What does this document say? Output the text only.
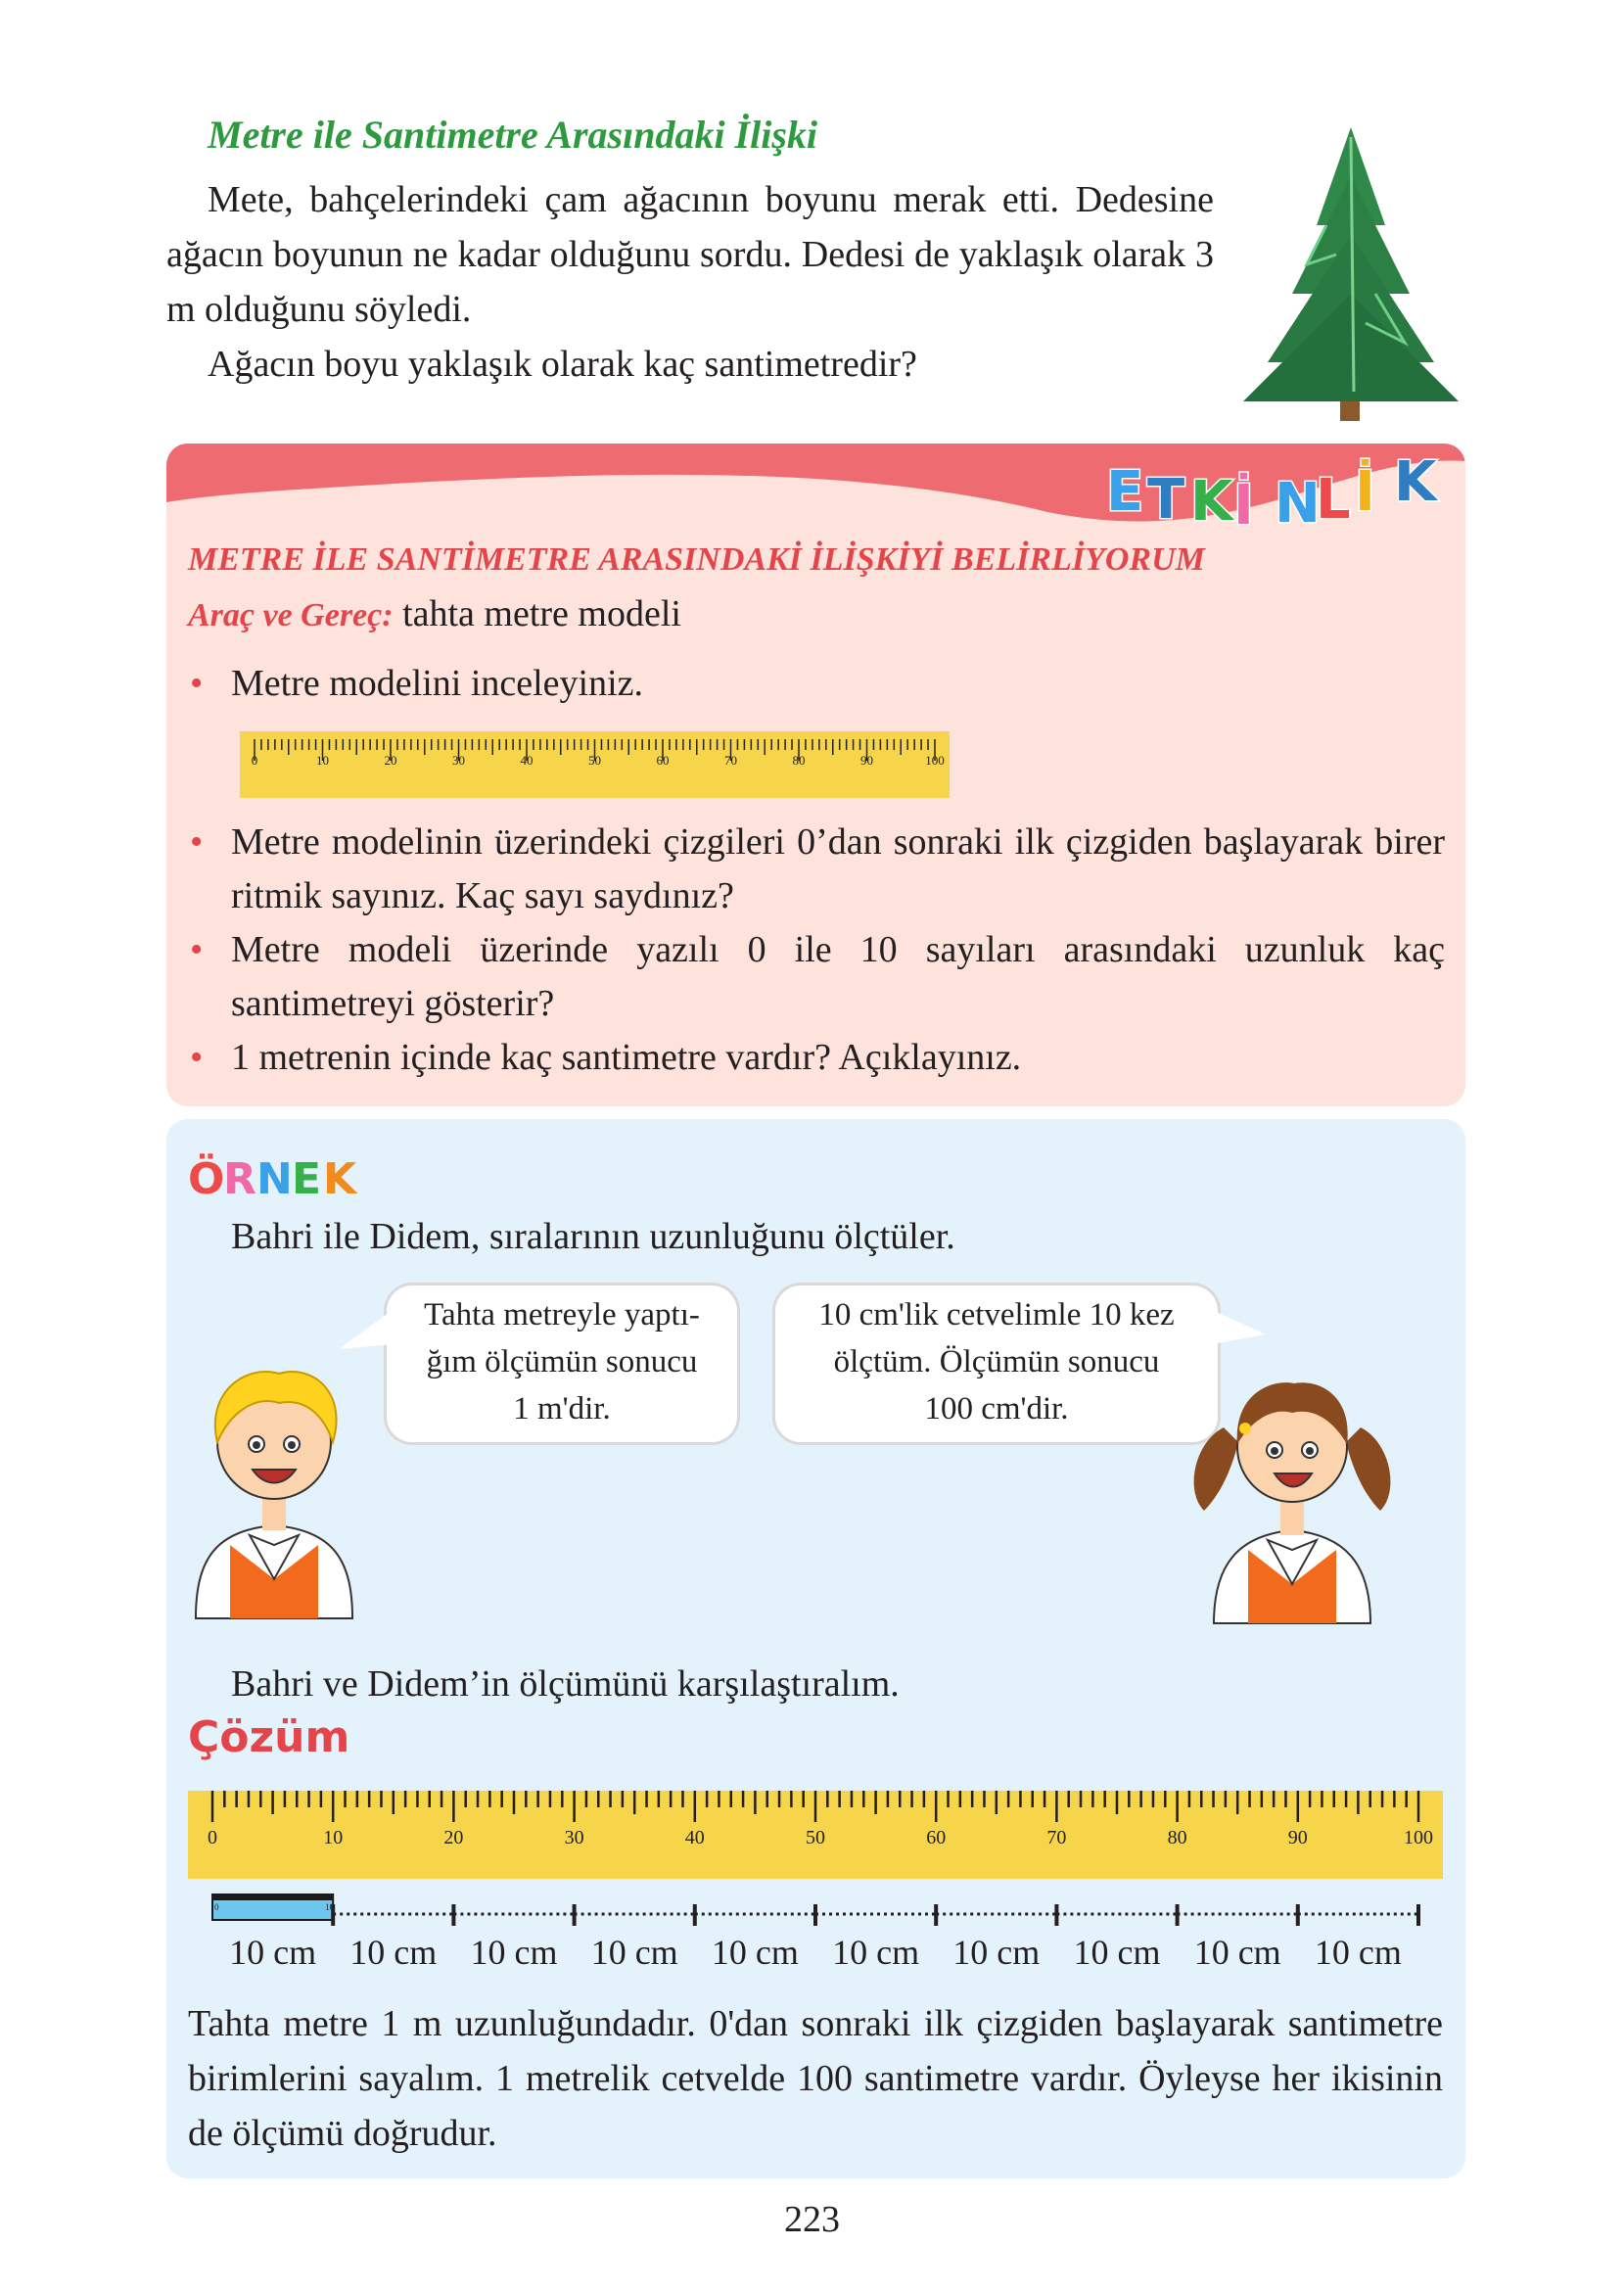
Metre ile Santimetre Arasındaki İlişki
Mete, bahçelerindeki çam ağacının boyunu merak etti. Dedesine ağacın boyunun ne kadar olduğunu sordu. Dedesi de yaklaşık olarak 3 m olduğunu söyledi.
Ağacın boyu yaklaşık olarak kaç santimetredir?
E T K İ N
L İ K
METRE İLE SANTİMETRE ARASINDAKİ İLİŞKİYİ BELİRLİYORUM
Araç ve Gereç: tahta metre modeli
• Metre modelini inceleyiniz.
0	10	20	30	40	50	60	70	80	90	100
• Metre modelinin üzerindeki çizgileri 0’dan sonraki ilk çizgiden başlayarak birer ritmik sayınız. Kaç sayı saydınız?
• Metre modeli üzerinde yazılı 0 ile 10 sayıları arasındaki uzunluk kaç santimetreyi gösterir?
• 1 metrenin içinde kaç santimetre vardır? Açıklayınız.
Ö
R N E K
Bahri ile Didem, sıralarının uzunluğunu ölçtüler.
Tahta metreyle yaptı-
ğım ölçümün sonucu
1 m'dir.
10 cm'lik cetvelimle 10 kez
ölçtüm. Ölçümün sonucu
100 cm'dir.
Bahri ve Didem’in ölçümünü karşılaştıralım.
Çözüm
0	10	20	30	40	50	60	70	80	90	100
0	10
10 cm 10 cm 10 cm 10 cm 10 cm 10 cm 10 cm 10 cm 10 cm 10 cm
Tahta metre 1 m uzunluğundadır. 0'dan sonraki ilk çizgiden başlayarak santimetre birimlerini sayalım. 1 metrelik cetvelde 100 santimetre vardır. Öyleyse her ikisinin de ölçümü doğrudur.
223
